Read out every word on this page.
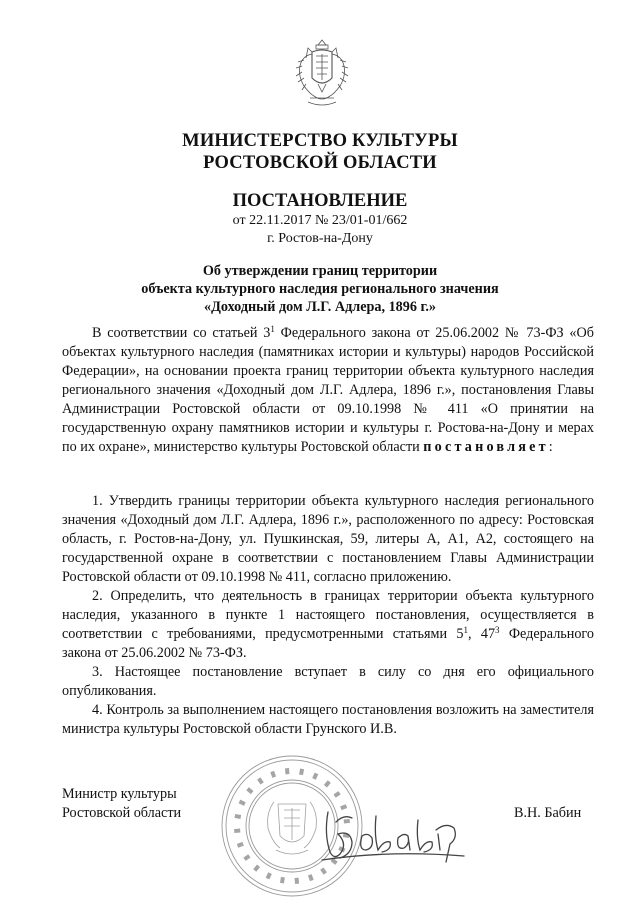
МИНИСТЕРСТВО КУЛЬТУРЫ
РОСТОВСКОЙ ОБЛАСТИ
ПОСТАНОВЛЕНИЕ
от 22.11.2017 № 23/01-01/662
г. Ростов-на-Дону
Об утверждении границ территории
объекта культурного наследия регионального значения
«Доходный дом Л.Г. Адлера, 1896 г.»

В соответствии со статьей $3^1$ Федерального закона от 25.06.2002 № 73-ФЗ «Об объектах культурного наследия (памятниках истории и культуры) народов Российской Федерации», на основании проекта границ территории объекта культурного наследия регионального значения «Доходный дом Л.Г. Адлера, 1896 г.», постановления Главы Администрации Ростовской области от 09.10.1998 № 411 «О принятии на государственную охрану памятников истории и культуры г. Ростова-на-Дону и мерах по их охране», министерство культуры Ростовской области постановляет:

1. Утвердить границы территории объекта культурного наследия регионального значения «Доходный дом Л.Г. Адлера, 1896 г.», расположенного по адресу: Ростовская область, г. Ростов-на-Дону, ул. Пушкинская, 59, литеры А, А1, А2, состоящего на государственной охране в соответствии с постановлением Главы Администрации Ростовской области от 09.10.1998 № 411, согласно приложению.

2. Определить, что деятельность в границах территории объекта культурного наследия, указанного в пункте 1 настоящего постановления, осуществляется в соответствии с требованиями, предусмотренными статьями $5^1$, $47^3$ Федерального закона от 25.06.2002 № 73-ФЗ.

3. Настоящее постановление вступает в силу со дня его официального опубликования.

4. Контроль за выполнением настоящего постановления возложить на заместителя министра культуры Ростовской области Грунского И.В.

Министр культуры
Ростовской области	В.Н. Бабин
